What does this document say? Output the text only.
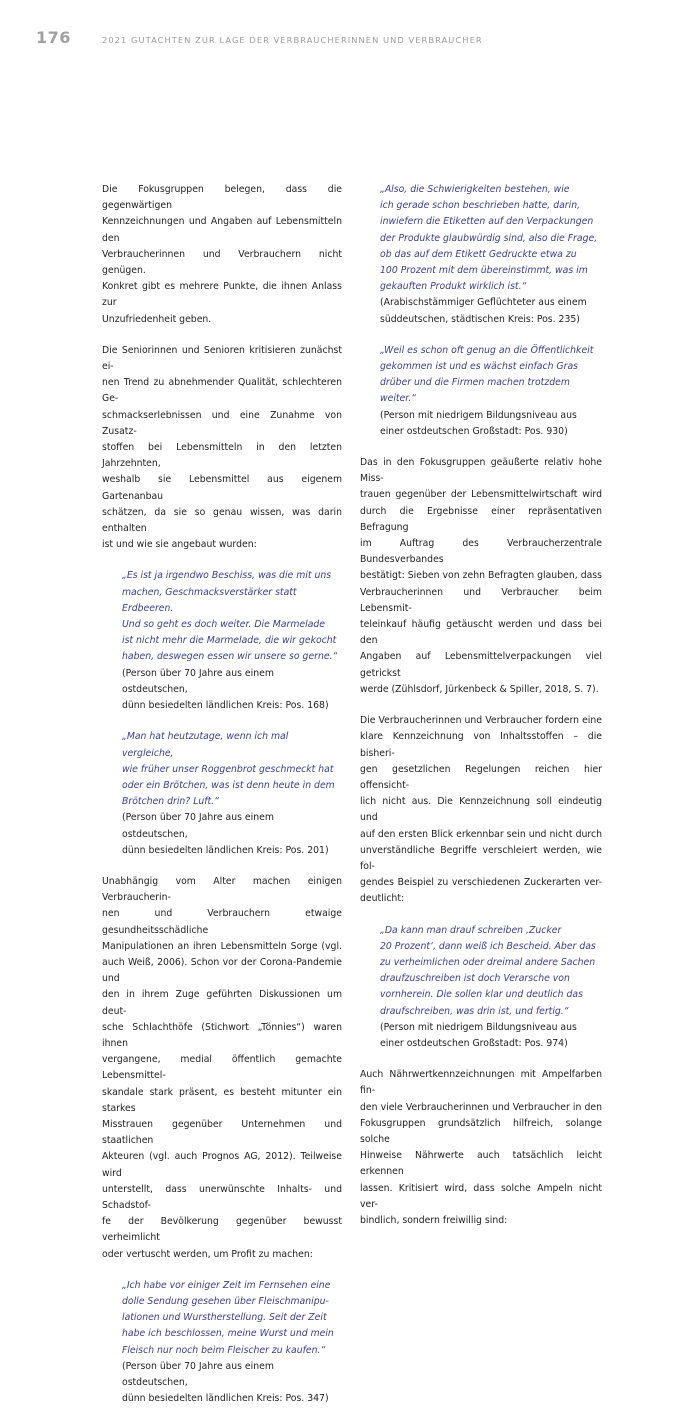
176	2021 GUTACHTEN ZUR LAGE DER VERBRAUCHERINNEN UND VERBRAUCHER
Die Fokusgruppen belegen, dass die gegenwärtigen
Kennzeichnungen und Angaben auf Lebensmitteln den
Verbraucherinnen und Verbrauchern nicht genügen.
Konkret gibt es mehrere Punkte, die ihnen Anlass zur
Unzufriedenheit geben.
Die Seniorinnen und Senioren kritisieren zunächst ei-
nen Trend zu abnehmender Qualität, schlechteren Ge-
schmackserlebnissen und eine Zunahme von Zusatz-
stoffen bei Lebensmitteln in den letzten Jahrzehnten,
weshalb sie Lebensmittel aus eigenem Gartenanbau
schätzen, da sie so genau wissen, was darin enthalten
ist und wie sie angebaut wurden:
„Es ist ja irgendwo Beschiss, was die mit uns
machen, Geschmacksverstärker statt Erdbeeren.
Und so geht es doch weiter. Die Marmelade
ist nicht mehr die Marmelade, die wir gekocht
haben, deswegen essen wir unsere so gerne.“
(Person über 70 Jahre aus einem ostdeutschen,
dünn besiedelten ländlichen Kreis: Pos. 168)
„Man hat heutzutage, wenn ich mal vergleiche,
wie früher unser Roggenbrot geschmeckt hat
oder ein Brötchen, was ist denn heute in dem
Brötchen drin? Luft.“
(Person über 70 Jahre aus einem ostdeutschen,
dünn besiedelten ländlichen Kreis: Pos. 201)
Unabhängig vom Alter machen einigen Verbraucherin-
nen und Verbrauchern etwaige gesundheitsschädliche
Manipulationen an ihren Lebensmitteln Sorge (vgl.
auch Weiß, 2006). Schon vor der Corona-Pandemie und
den in ihrem Zuge geführten Diskussionen um deut-
sche Schlachthöfe (Stichwort „Tönnies“) waren ihnen
vergangene, medial öffentlich gemachte Lebensmittel-
skandale stark präsent, es besteht mitunter ein starkes
Misstrauen gegenüber Unternehmen und staatlichen
Akteuren (vgl. auch Prognos AG, 2012). Teilweise wird
unterstellt, dass unerwünschte Inhalts- und Schadstof-
fe der Bevölkerung gegenüber bewusst verheimlicht
oder vertuscht werden, um Profit zu machen:
„Ich habe vor einiger Zeit im Fernsehen eine
dolle Sendung gesehen über Fleischmanipu-
lationen und Wurstherstellung. Seit der Zeit
habe ich beschlossen, meine Wurst und mein
Fleisch nur noch beim Fleischer zu kaufen.“
(Person über 70 Jahre aus einem ostdeutschen,
dünn besiedelten ländlichen Kreis: Pos. 347)
„Also, die Schwierigkeiten bestehen, wie
ich gerade schon beschrieben hatte, darin,
inwiefern die Etiketten auf den Verpackungen
der Produkte glaubwürdig sind, also die Frage,
ob das auf dem Etikett Gedruckte etwa zu
100 Prozent mit dem übereinstimmt, was im
gekauften Produkt wirklich ist.“
(Arabischstämmiger Geflüchteter aus einem
süddeutschen, städtischen Kreis: Pos. 235)
„Weil es schon oft genug an die Öffentlichkeit
gekommen ist und es wächst einfach Gras
drüber und die Firmen machen trotzdem weiter.“
(Person mit niedrigem Bildungsniveau aus
einer ostdeutschen Großstadt: Pos. 930)
Das in den Fokusgruppen geäußerte relativ hohe Miss-
trauen gegenüber der Lebensmittelwirtschaft wird
durch die Ergebnisse einer repräsentativen Befragung
im Auftrag des Verbraucherzentrale Bundesverbandes
bestätigt: Sieben von zehn Befragten glauben, dass
Verbraucherinnen und Verbraucher beim Lebensmit-
teleinkauf häufig getäuscht werden und dass bei den
Angaben auf Lebensmittelverpackungen viel getrickst
werde (Zühlsdorf, Jürkenbeck & Spiller, 2018, S. 7).
Die Verbraucherinnen und Verbraucher fordern eine
klare Kennzeichnung von Inhaltsstoffen – die bisheri-
gen gesetzlichen Regelungen reichen hier offensicht-
lich nicht aus. Die Kennzeichnung soll eindeutig und
auf den ersten Blick erkennbar sein und nicht durch
unverständliche Begriffe verschleiert werden, wie fol-
gendes Beispiel zu verschiedenen Zuckerarten ver-
deutlicht:
„Da kann man drauf schreiben ‚Zucker
20 Prozent‘, dann weiß ich Bescheid. Aber das
zu verheimlichen oder dreimal andere Sachen
draufzuschreiben ist doch Verarsche von
vornherein. Die sollen klar und deutlich das
draufschreiben, was drin ist, und fertig.“
(Person mit niedrigem Bildungsniveau aus
einer ostdeutschen Großstadt: Pos. 974)
Auch Nährwertkennzeichnungen mit Ampelfarben fin-
den viele Verbraucherinnen und Verbraucher in den
Fokusgruppen grundsätzlich hilfreich, solange solche
Hinweise Nährwerte auch tatsächlich leicht erkennen
lassen. Kritisiert wird, dass solche Ampeln nicht ver-
bindlich, sondern freiwillig sind:
